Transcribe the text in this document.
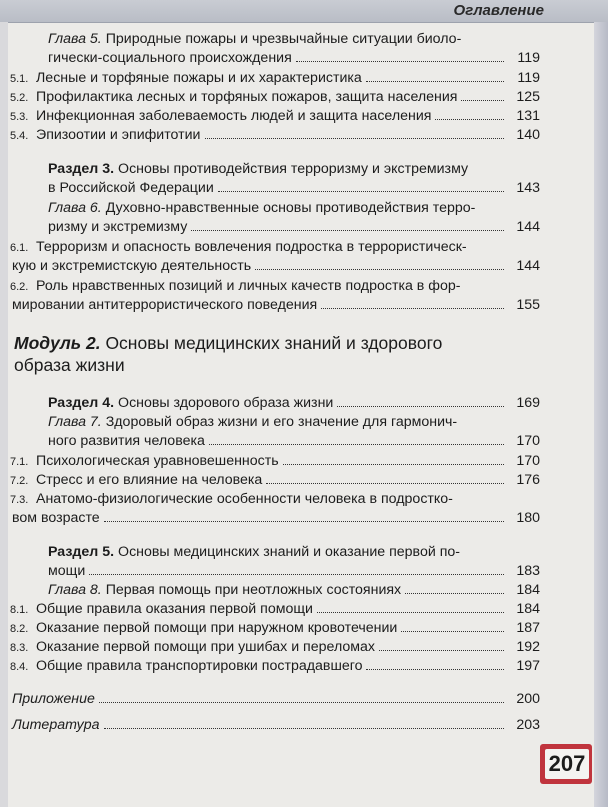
Оглавление
Глава 5. Природные пожары и чрезвычайные ситуации биоло-
гически-социального происхождения	119
5.1. Лесные и торфяные пожары и их характеристика	119
5.2. Профилактика лесных и торфяных пожаров, защита населения	125
5.3. Инфекционная заболеваемость людей и защита населения	131
5.4. Эпизоотии и эпифитотии	140
Раздел 3. Основы противодействия терроризму и экстремизму
в Российской Федерации	143
Глава 6. Духовно-нравственные основы противодействия терро-
ризму и экстремизму	144
6.1. Терроризм и опасность вовлечения подростка в террористическ-
кую и экстремистскую деятельность	144
6.2. Роль нравственных позиций и личных качеств подростка в фор-
мировании антитеррористического поведения	155
Модуль 2. Основы медицинских знаний и здорового
образа жизни
Раздел 4.
Основы здорового образа жизни	169
Глава 7. Здоровый образ жизни и его значение для гармонич-
ного развития человека	170
7.1. Психологическая уравновешенность	170
7.2. Стресс и его влияние на человека	176
7.3. Анатомо-физиологические особенности человека в подростко-
вом возрасте	180
Раздел 5. Основы медицинских знаний и оказание первой по-
мощи	183
Глава 8.
Первая помощь при неотложных состояниях	184
8.1. Общие правила оказания первой помощи	184
8.2. Оказание первой помощи при наружном кровотечении	187
8.3. Оказание первой помощи при ушибах и переломах	192
8.4. Общие правила транспортировки пострадавшего	197
Приложение	200
Литература	203
207
